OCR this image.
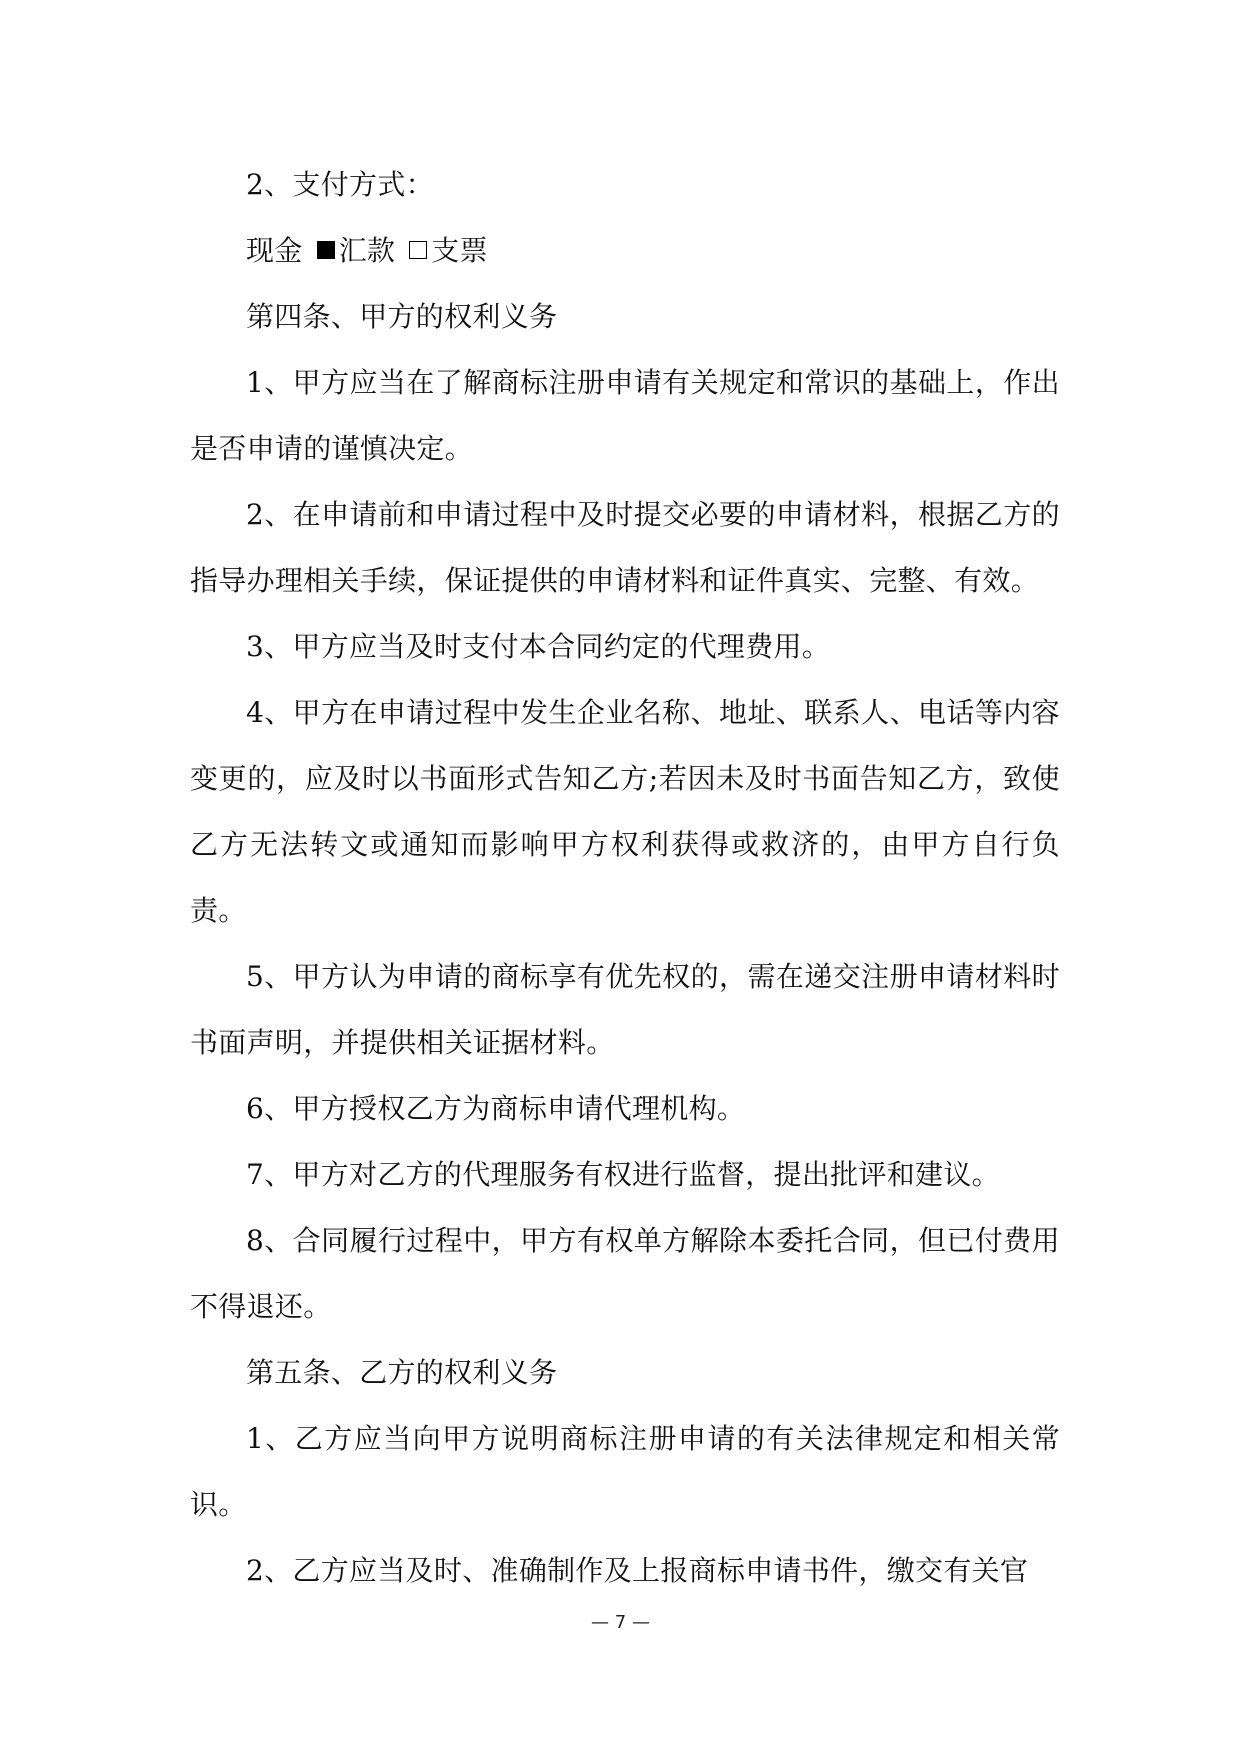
2、支付方式：

现金 汇款 支票

第四条、甲方的权利义务

1、甲方应当在了解商标注册申请有关规定和常识的基础上，作出是否申请的谨慎决定。

2、在申请前和申请过程中及时提交必要的申请材料，根据乙方的指导办理相关手续，保证提供的申请材料和证件真实、完整、有效。

3、甲方应当及时支付本合同约定的代理费用。

4、甲方在申请过程中发生企业名称、地址、联系人、电话等内容变更的，应及时以书面形式告知乙方;若因未及时书面告知乙方，致使乙方无法转文或通知而影响甲方权利获得或救济的，由甲方自行负责。

5、甲方认为申请的商标享有优先权的，需在递交注册申请材料时书面声明，并提供相关证据材料。

6、甲方授权乙方为商标申请代理机构。

7、甲方对乙方的代理服务有权进行监督，提出批评和建议。

8、合同履行过程中，甲方有权单方解除本委托合同，但已付费用不得退还。

第五条、乙方的权利义务

1、乙方应当向甲方说明商标注册申请的有关法律规定和相关常识。

2、乙方应当及时、准确制作及上报商标申请书件，缴交有关官

— 7 —
